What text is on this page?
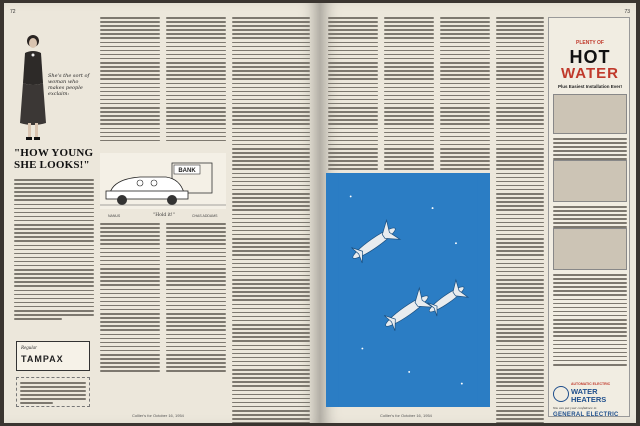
72
She's the sort of woman who makes people exclaim:
"HOW YOUNG SHE LOOKS!"
Regular
TAMPAX
BANK
"Hold it!"
NANUS	CHAS ADDAMS
Collier's for October 16, 1954
73
Collier's for October 16, 1954
PLENTY OF
HOT
WATER
Plus Easiest Installation Ever!
AUTOMATIC ELECTRIC
WATER HEATERS
You can put your confidence in
GENERAL ELECTRIC
